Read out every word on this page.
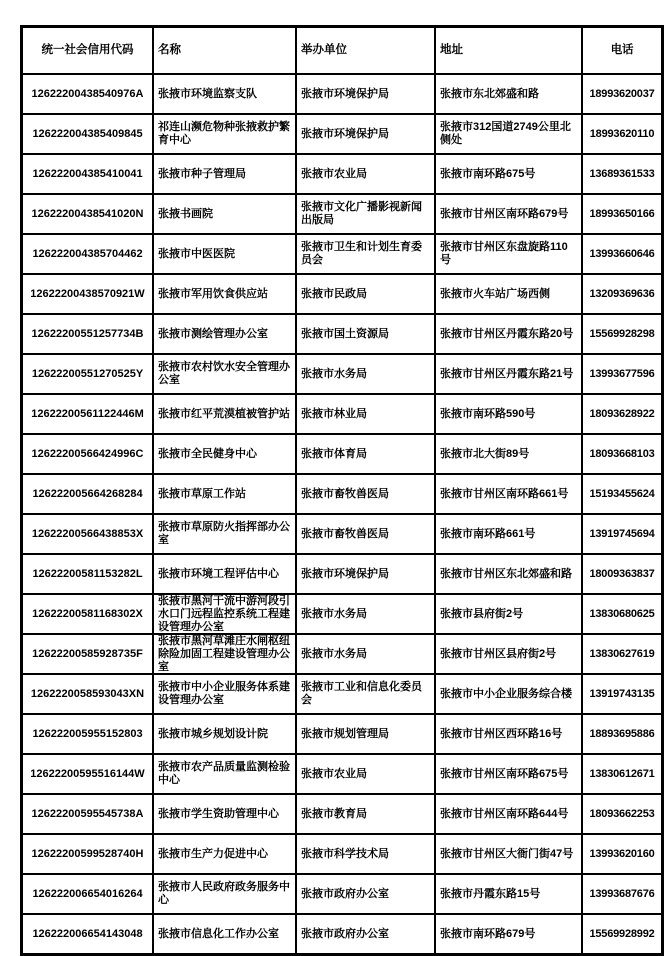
统一社会信用代码	名称	举办单位	地址	电话

12622200438540976A	张掖市环境监察支队	张掖市环境保护局	张掖市东北郊盛和路	18993620037

126222004385409845	祁连山濒危物种张掖救护繁育中心	张掖市环境保护局	张掖市312国道2749公里北侧处	18993620110

126222004385410041	张掖市种子管理局	张掖市农业局	张掖市南环路675号	13689361533

12622200438541020N	张掖书画院	张掖市文化广播影视新闻出版局	张掖市甘州区南环路679号	18993650166

126222004385704462	张掖市中医医院	张掖市卫生和计划生育委员会	张掖市甘州区东盘旋路110号	13993660646

12622200438570921W	张掖市军用饮食供应站	张掖市民政局	张掖市火车站广场西侧	13209369636

12622200551257734B	张掖市测绘管理办公室	张掖市国土资源局	张掖市甘州区丹霞东路20号	15569928298

12622200551270525Y	张掖市农村饮水安全管理办公室	张掖市水务局	张掖市甘州区丹霞东路21号	13993677596

12622200561122446M	张掖市红平荒漠植被管护站	张掖市林业局	张掖市南环路590号	18093628922

12622200566424996C	张掖市全民健身中心	张掖市体育局	张掖市北大街89号	18093668103

126222005664268284	张掖市草原工作站	张掖市畜牧兽医局	张掖市甘州区南环路661号	15193455624

12622200566438853X	张掖市草原防火指挥部办公室	张掖市畜牧兽医局	张掖市南环路661号	13919745694

12622200581153282L	张掖市环境工程评估中心	张掖市环境保护局	张掖市甘州区东北郊盛和路	18009363837

12622200581168302X	张掖市黑河干流中游河段引水口门远程监控系统工程建设管理办公室	张掖市水务局	张掖市县府街2号	13830680625

12622200585928735F	张掖市黑河草滩庄水闸枢纽除险加固工程建设管理办公室	张掖市水务局	张掖市甘州区县府街2号	13830627619

1262220058593043XN	张掖市中小企业服务体系建设管理办公室	张掖市工业和信息化委员会	张掖市中小企业服务综合楼	13919743135

126222005955152803	张掖市城乡规划设计院	张掖市规划管理局	张掖市甘州区西环路16号	18893695886

12622200595516144W	张掖市农产品质量监测检验中心	张掖市农业局	张掖市甘州区南环路675号	13830612671

12622200595545738A	张掖市学生资助管理中心	张掖市教育局	张掖市甘州区南环路644号	18093662253

12622200599528740H	张掖市生产力促进中心	张掖市科学技术局	张掖市甘州区大衙门街47号	13993620160

126222006654016264	张掖市人民政府政务服务中心	张掖市政府办公室	张掖市丹霞东路15号	13993687676

126222006654143048	张掖市信息化工作办公室	张掖市政府办公室	张掖市南环路679号	15569928992
